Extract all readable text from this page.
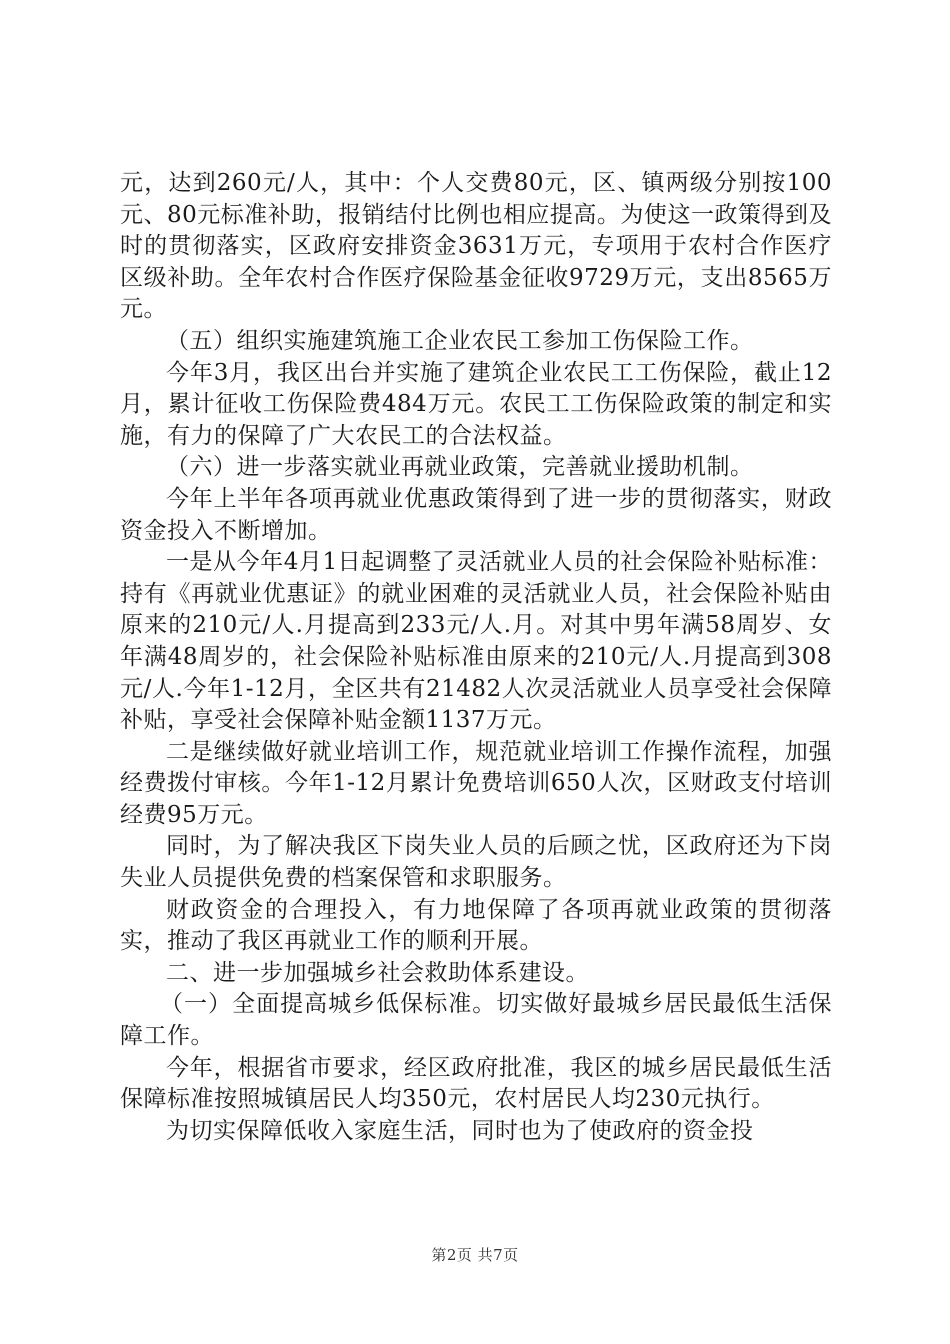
元，达到260元/人，其中：个人交费80元，区、镇两级分别按100元、80元标准补助，报销结付比例也相应提高。为使这一政策得到及时的贯彻落实，区政府安排资金3631万元，专项用于农村合作医疗区级补助。全年农村合作医疗保险基金征收9729万元，支出8565万元。

（五）组织实施建筑施工企业农民工参加工伤保险工作。

今年3月，我区出台并实施了建筑企业农民工工伤保险，截止12月，累计征收工伤保险费484万元。农民工工伤保险政策的制定和实施，有力的保障了广大农民工的合法权益。

（六）进一步落实就业再就业政策，完善就业援助机制。

今年上半年各项再就业优惠政策得到了进一步的贯彻落实，财政资金投入不断增加。

一是从今年4月1日起调整了灵活就业人员的社会保险补贴标准：持有《再就业优惠证》的就业困难的灵活就业人员，社会保险补贴由原来的210元/人.月提高到233元/人.月。对其中男年满58周岁、女年满48周岁的，社会保险补贴标准由原来的210元/人.月提高到308元/人.今年1-12月，全区共有21482人次灵活就业人员享受社会保障补贴，享受社会保障补贴金额1137万元。

二是继续做好就业培训工作，规范就业培训工作操作流程，加强经费拨付审核。今年1-12月累计免费培训650人次，区财政支付培训经费95万元。

同时，为了解决我区下岗失业人员的后顾之忧，区政府还为下岗失业人员提供免费的档案保管和求职服务。

财政资金的合理投入，有力地保障了各项再就业政策的贯彻落实，推动了我区再就业工作的顺利开展。

二、进一步加强城乡社会救助体系建设。

（一）全面提高城乡低保标准。切实做好最城乡居民最低生活保障工作。

今年，根据省市要求，经区政府批准，我区的城乡居民最低生活保障标准按照城镇居民人均350元，农村居民人均230元执行。

为切实保障低收入家庭生活，同时也为了使政府的资金投

第2页 共7页
